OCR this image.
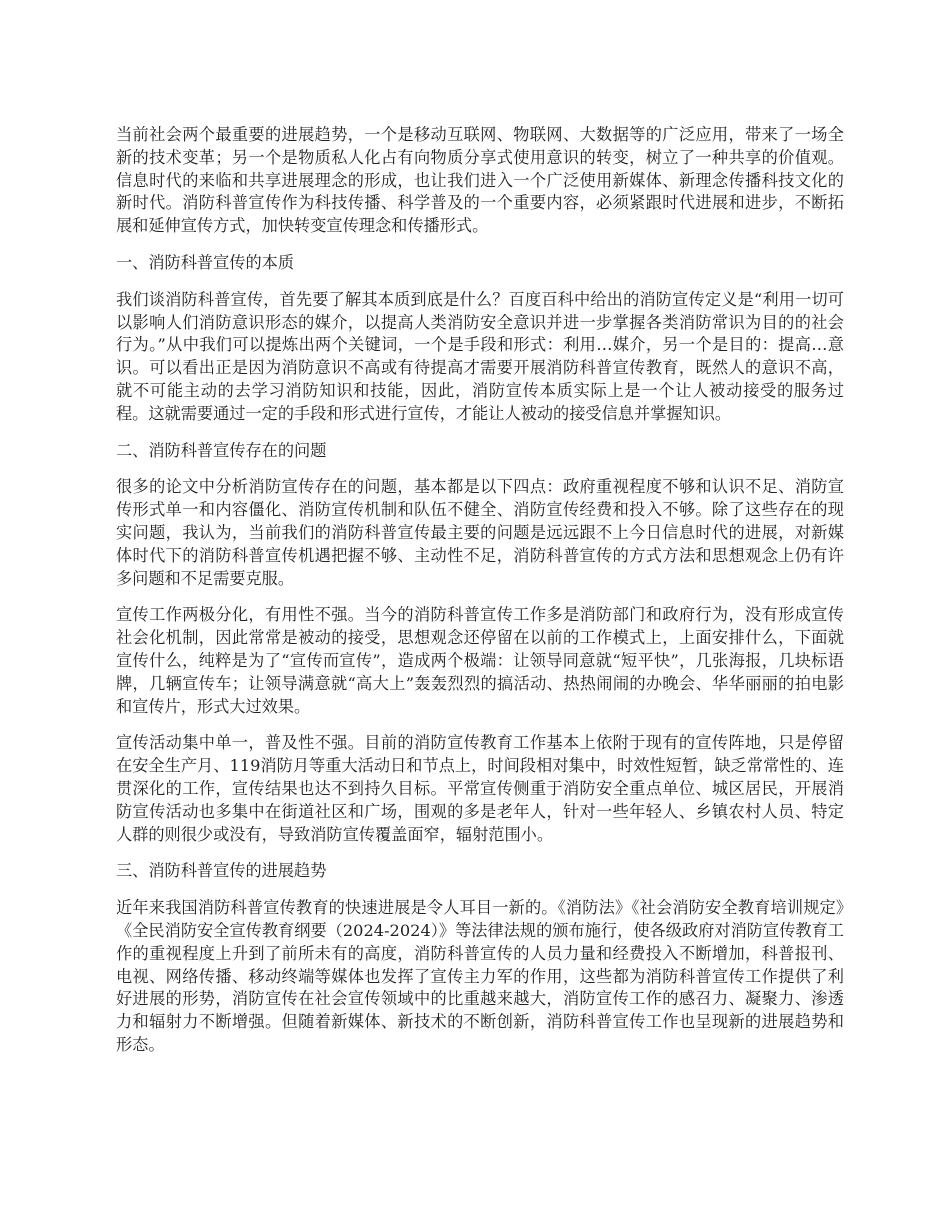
当前社会两个最重要的进展趋势，一个是移动互联网、物联网、大数据等的广泛应用，带来了一场全新的技术变革；另一个是物质私人化占有向物质分享式使用意识的转变，树立了一种共享的价值观。信息时代的来临和共享进展理念的形成，也让我们进入一个广泛使用新媒体、新理念传播科技文化的新时代。消防科普宣传作为科技传播、科学普及的一个重要内容，必须紧跟时代进展和进步，不断拓展和延伸宣传方式，加快转变宣传理念和传播形式。

一、消防科普宣传的本质

我们谈消防科普宣传，首先要了解其本质到底是什么？百度百科中给出的消防宣传定义是“利用一切可以影响人们消防意识形态的媒介，以提高人类消防安全意识并进一步掌握各类消防常识为目的的社会行为。”从中我们可以提炼出两个关键词，一个是手段和形式：利用…媒介，另一个是目的：提高…意识。可以看出正是因为消防意识不高或有待提高才需要开展消防科普宣传教育，既然人的意识不高，就不可能主动的去学习消防知识和技能，因此，消防宣传本质实际上是一个让人被动接受的服务过程。这就需要通过一定的手段和形式进行宣传，才能让人被动的接受信息并掌握知识。

二、消防科普宣传存在的问题

很多的论文中分析消防宣传存在的问题，基本都是以下四点：政府重视程度不够和认识不足、消防宣传形式单一和内容僵化、消防宣传机制和队伍不健全、消防宣传经费和投入不够。除了这些存在的现实问题，我认为，当前我们的消防科普宣传最主要的问题是远远跟不上今日信息时代的进展，对新媒体时代下的消防科普宣传机遇把握不够、主动性不足，消防科普宣传的方式方法和思想观念上仍有许多问题和不足需要克服。

宣传工作两极分化，有用性不强。当今的消防科普宣传工作多是消防部门和政府行为，没有形成宣传社会化机制，因此常常是被动的接受，思想观念还停留在以前的工作模式上，上面安排什么，下面就宣传什么，纯粹是为了“宣传而宣传”，造成两个极端：让领导同意就“短平快”，几张海报，几块标语牌，几辆宣传车；让领导满意就“高大上”轰轰烈烈的搞活动、热热闹闹的办晚会、华华丽丽的拍电影和宣传片，形式大过效果。

宣传活动集中单一，普及性不强。目前的消防宣传教育工作基本上依附于现有的宣传阵地，只是停留在安全生产月、119消防月等重大活动日和节点上，时间段相对集中，时效性短暂，缺乏常常性的、连贯深化的工作，宣传结果也达不到持久目标。平常宣传侧重于消防安全重点单位、城区居民，开展消防宣传活动也多集中在街道社区和广场，围观的多是老年人，针对一些年轻人、乡镇农村人员、特定人群的则很少或没有，导致消防宣传覆盖面窄，辐射范围小。

三、消防科普宣传的进展趋势

近年来我国消防科普宣传教育的快速进展是令人耳目一新的。《消防法》《社会消防安全教育培训规定》《全民消防安全宣传教育纲要（2024-2024）》等法律法规的颁布施行，使各级政府对消防宣传教育工作的重视程度上升到了前所未有的高度，消防科普宣传的人员力量和经费投入不断增加，科普报刊、电视、网络传播、移动终端等媒体也发挥了宣传主力军的作用，这些都为消防科普宣传工作提供了利好进展的形势，消防宣传在社会宣传领域中的比重越来越大，消防宣传工作的感召力、凝聚力、渗透力和辐射力不断增强。但随着新媒体、新技术的不断创新，消防科普宣传工作也呈现新的进展趋势和形态。
